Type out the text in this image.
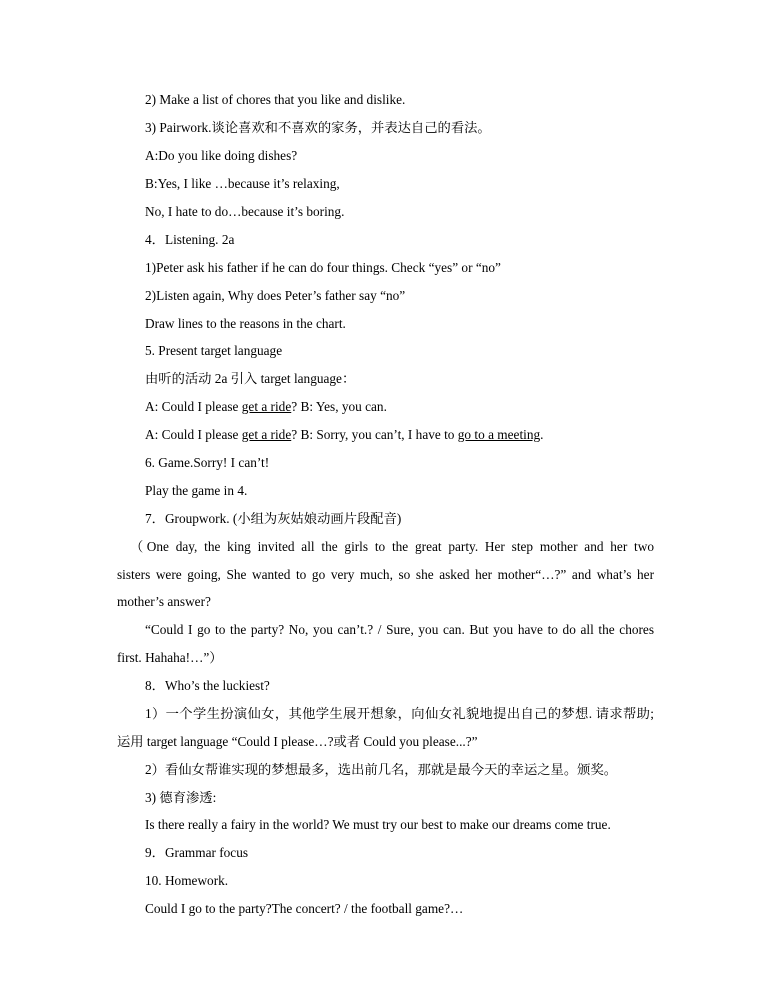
2) Make a list of chores that you like and dislike.
3) Pairwork.谈论喜欢和不喜欢的家务，并表达自己的看法。
A:Do you like doing dishes?
B:Yes, I like …because it’s relaxing,
No, I hate to do…because it’s boring.
4．Listening. 2a
1)Peter ask his father if he can do four things. Check “yes” or “no”
2)Listen again, Why does Peter’s father say “no”
Draw lines to the reasons in the chart.
5. Present target language
由听的活动 2a 引入 target language：
A: Could I please get a ride? B: Yes, you can.
A: Could I please get a ride? B: Sorry, you can’t, I have to go to a meeting.
6. Game.Sorry! I can’t!
Play the game in 4.
7．Groupwork. (小组为灰姑娘动画片段配音)
（One day, the king invited all the girls to the great party. Her step mother and her two
sisters were going, She wanted to go very much, so she asked her mother“…?” and what’s her
mother’s answer?
“Could I go to the party? No, you can’t.? / Sure, you can. But you have to do all the chores
first. Hahaha!…”）
8．Who’s the luckiest?
1）一个学生扮演仙女，其他学生展开想象，向仙女礼貌地提出自己的梦想. 请求帮助;
运用 target language “Could I please…?或者 Could you please...?”
2）看仙女帮谁实现的梦想最多，选出前几名，那就是最今天的幸运之星。颁奖。
3) 德育渗透:
Is there really a fairy in the world? We must try our best to make our dreams come true.
9．Grammar focus
10. Homework.
Could I go to the party?The concert? / the football game?…
